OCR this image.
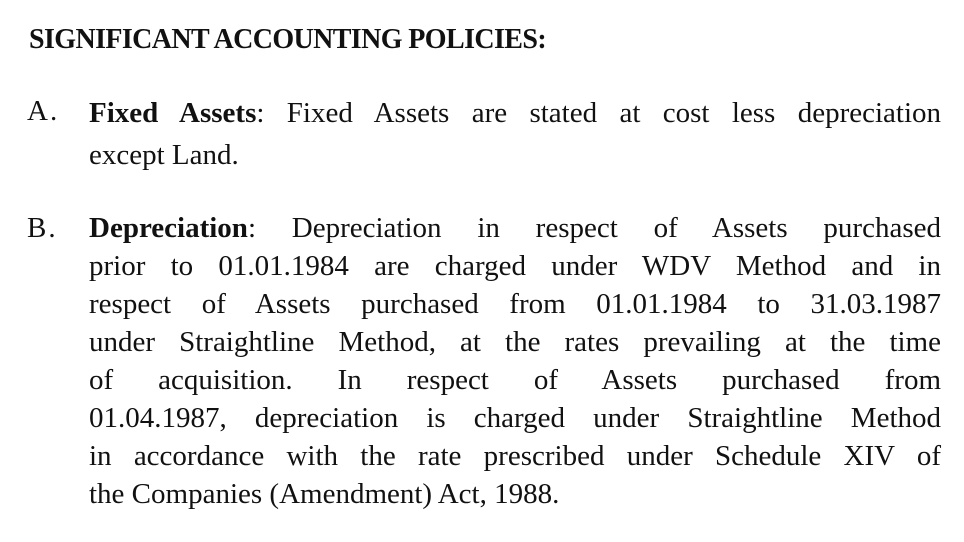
SIGNIFICANT ACCOUNTING POLICIES:
A. Fixed Assets: Fixed Assets are stated at cost less depreciation
except Land.
B. Depreciation: Depreciation in respect of Assets purchased
prior to 01.01.1984 are charged under WDV Method and in
respect of Assets purchased from 01.01.1984 to 31.03.1987
under Straightline Method, at the rates prevailing at the time
of acquisition. In respect of Assets purchased from
01.04.1987, depreciation is charged under Straightline Method
in accordance with the rate prescribed under Schedule XIV of
the Companies (Amendment) Act, 1988.
